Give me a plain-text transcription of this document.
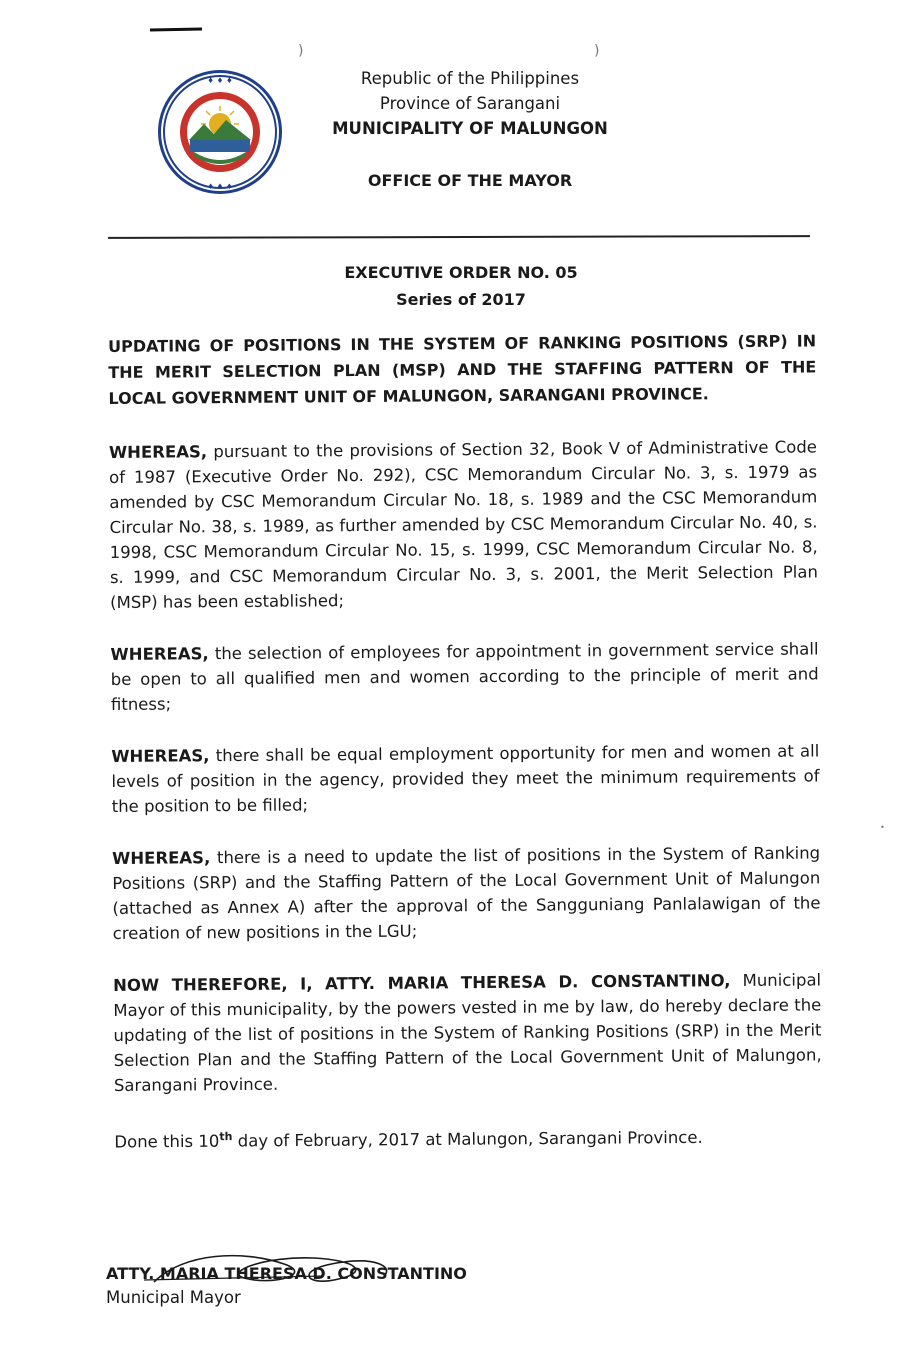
)	)
•
♦ ♦ ♦
♦ ♦ ♦
Republic of the Philippines
Province of Sarangani
MUNICIPALITY OF MALUNGON
OFFICE OF THE MAYOR
EXECUTIVE ORDER NO. 05
Series of 2017

UPDATING OF POSITIONS IN THE SYSTEM OF RANKING POSITIONS (SRP) IN THE MERIT SELECTION PLAN (MSP) AND THE STAFFING PATTERN OF THE LOCAL GOVERNMENT UNIT OF MALUNGON, SARANGANI PROVINCE.

WHEREAS, pursuant to the provisions of Section 32, Book V of Administrative Code of 1987 (Executive Order No. 292), CSC Memorandum Circular No. 3, s. 1979 as amended by CSC Memorandum Circular No. 18, s. 1989 and the CSC Memorandum Circular No. 38, s. 1989, as further amended by CSC Memorandum Circular No. 40, s. 1998, CSC Memorandum Circular No. 15, s. 1999, CSC Memorandum Circular No. 8, s. 1999, and CSC Memorandum Circular No. 3, s. 2001, the Merit Selection Plan (MSP) has been established;

WHEREAS, the selection of employees for appointment in government service shall be open to all qualified men and women according to the principle of merit and fitness;

WHEREAS, there shall be equal employment opportunity for men and women at all levels of position in the agency, provided they meet the minimum requirements of the position to be filled;

WHEREAS, there is a need to update the list of positions in the System of Ranking Positions (SRP) and the Staffing Pattern of the Local Government Unit of Malungon (attached as Annex A) after the approval of the Sangguniang Panlalawigan of the creation of new positions in the LGU;

NOW THEREFORE, I, ATTY. MARIA THERESA D. CONSTANTINO, Municipal Mayor of this municipality, by the powers vested in me by law, do hereby declare the updating of the list of positions in the System of Ranking Positions (SRP) in the Merit Selection Plan and the Staffing Pattern of the Local Government Unit of Malungon, Sarangani Province.

Done this 10th day of February, 2017 at Malungon, Sarangani Province.

ATTY. MARIA THERESA D. CONSTANTINO
Municipal Mayor
